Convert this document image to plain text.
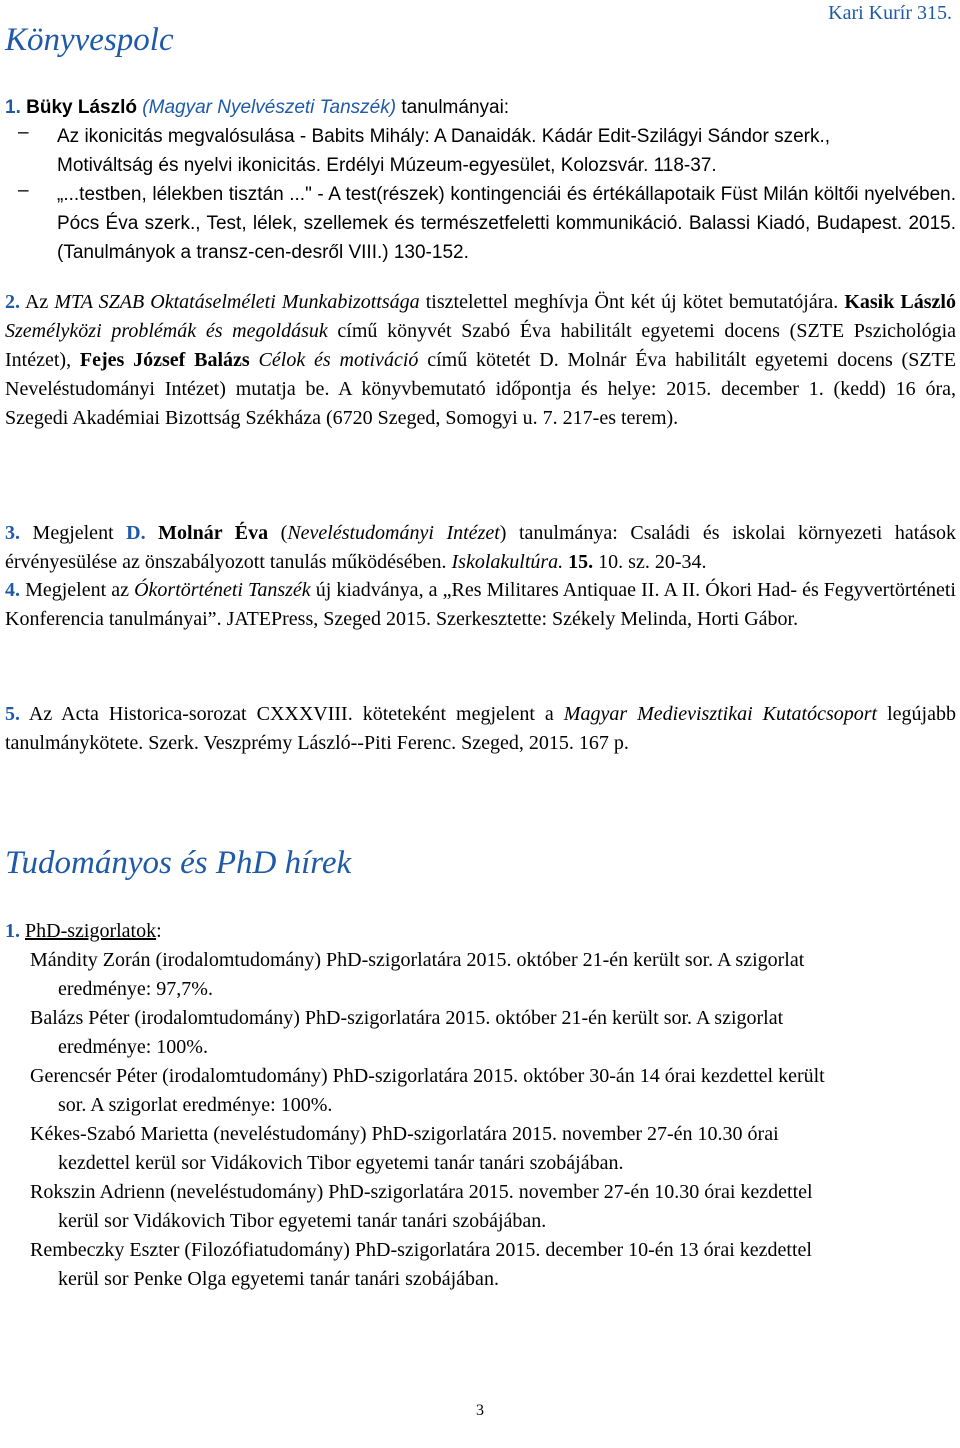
Kari Kurír 315.
Könyvespolc
1. Büky László (Magyar Nyelvészeti Tanszék) tanulmányai:
– Az ikonicitás megvalósulása - Babits Mihály: A Danaidák. Kádár Edit-Szilágyi Sándor szerk.,
Motiváltság és nyelvi ikonicitás. Erdélyi Múzeum-egyesület, Kolozsvár. 118-37.
– „...testben, lélekben tisztán ..." - A test(részek) kontingenciái és értékállapotaik Füst Milán költői nyelvében. Pócs Éva szerk., Test, lélek, szellemek és természetfeletti kommunikáció. Balassi Kiadó, Budapest. 2015. (Tanulmányok a transz-cen-desről VIII.) 130-152.
2. Az MTA SZAB Oktatáselméleti Munkabizottsága tisztelettel meghívja Önt két új kötet bemutatójára. Kasik László Személyközi problémák és megoldásuk című könyvét Szabó Éva habilitált egyetemi docens (SZTE Pszichológia Intézet), Fejes József Balázs Célok és motiváció című kötetét D. Molnár Éva habilitált egyetemi docens (SZTE Neveléstudományi Intézet) mutatja be. A könyvbemutató időpontja és helye: 2015. december 1. (kedd) 16 óra, Szegedi Akadémiai Bizottság Székháza (6720 Szeged, Somogyi u. 7. 217-es terem).
3. Megjelent D. Molnár Éva (Neveléstudományi Intézet) tanulmánya: Családi és iskolai környezeti hatások érvényesülése az önszabályozott tanulás működésében. Iskolakultúra. 15. 10. sz. 20-34.
4. Megjelent az Ókortörténeti Tanszék új kiadványa, a „Res Militares Antiquae II. A II. Ókori Had- és Fegyvertörténeti Konferencia tanulmányai”. JATEPress, Szeged 2015. Szerkesztette: Székely Melinda, Horti Gábor.
5. Az Acta Historica-sorozat CXXXVIII. köteteként megjelent a Magyar Medievisztikai Kutatócsoport legújabb tanulmánykötete. Szerk. Veszprémy László--Piti Ferenc. Szeged, 2015. 167 p.
Tudományos és PhD hírek
1. PhD-szigorlatok:
Mándity Zorán (irodalomtudomány) PhD-szigorlatára 2015. október 21-én került sor. A szigorlat
eredménye: 97,7%.
Balázs Péter (irodalomtudomány) PhD-szigorlatára 2015. október 21-én került sor. A szigorlat
eredménye: 100%.
Gerencsér Péter (irodalomtudomány) PhD-szigorlatára 2015. október 30-án 14 órai kezdettel került
sor. A szigorlat eredménye: 100%.
Kékes-Szabó Marietta (neveléstudomány) PhD-szigorlatára 2015. november 27-én 10.30 órai
kezdettel kerül sor Vidákovich Tibor egyetemi tanár tanári szobájában.
Rokszin Adrienn (neveléstudomány) PhD-szigorlatára 2015. november 27-én 10.30 órai kezdettel
kerül sor Vidákovich Tibor egyetemi tanár tanári szobájában.
Rembeczky Eszter (Filozófiatudomány) PhD-szigorlatára 2015. december 10-én 13 órai kezdettel
kerül sor Penke Olga egyetemi tanár tanári szobájában.
3
